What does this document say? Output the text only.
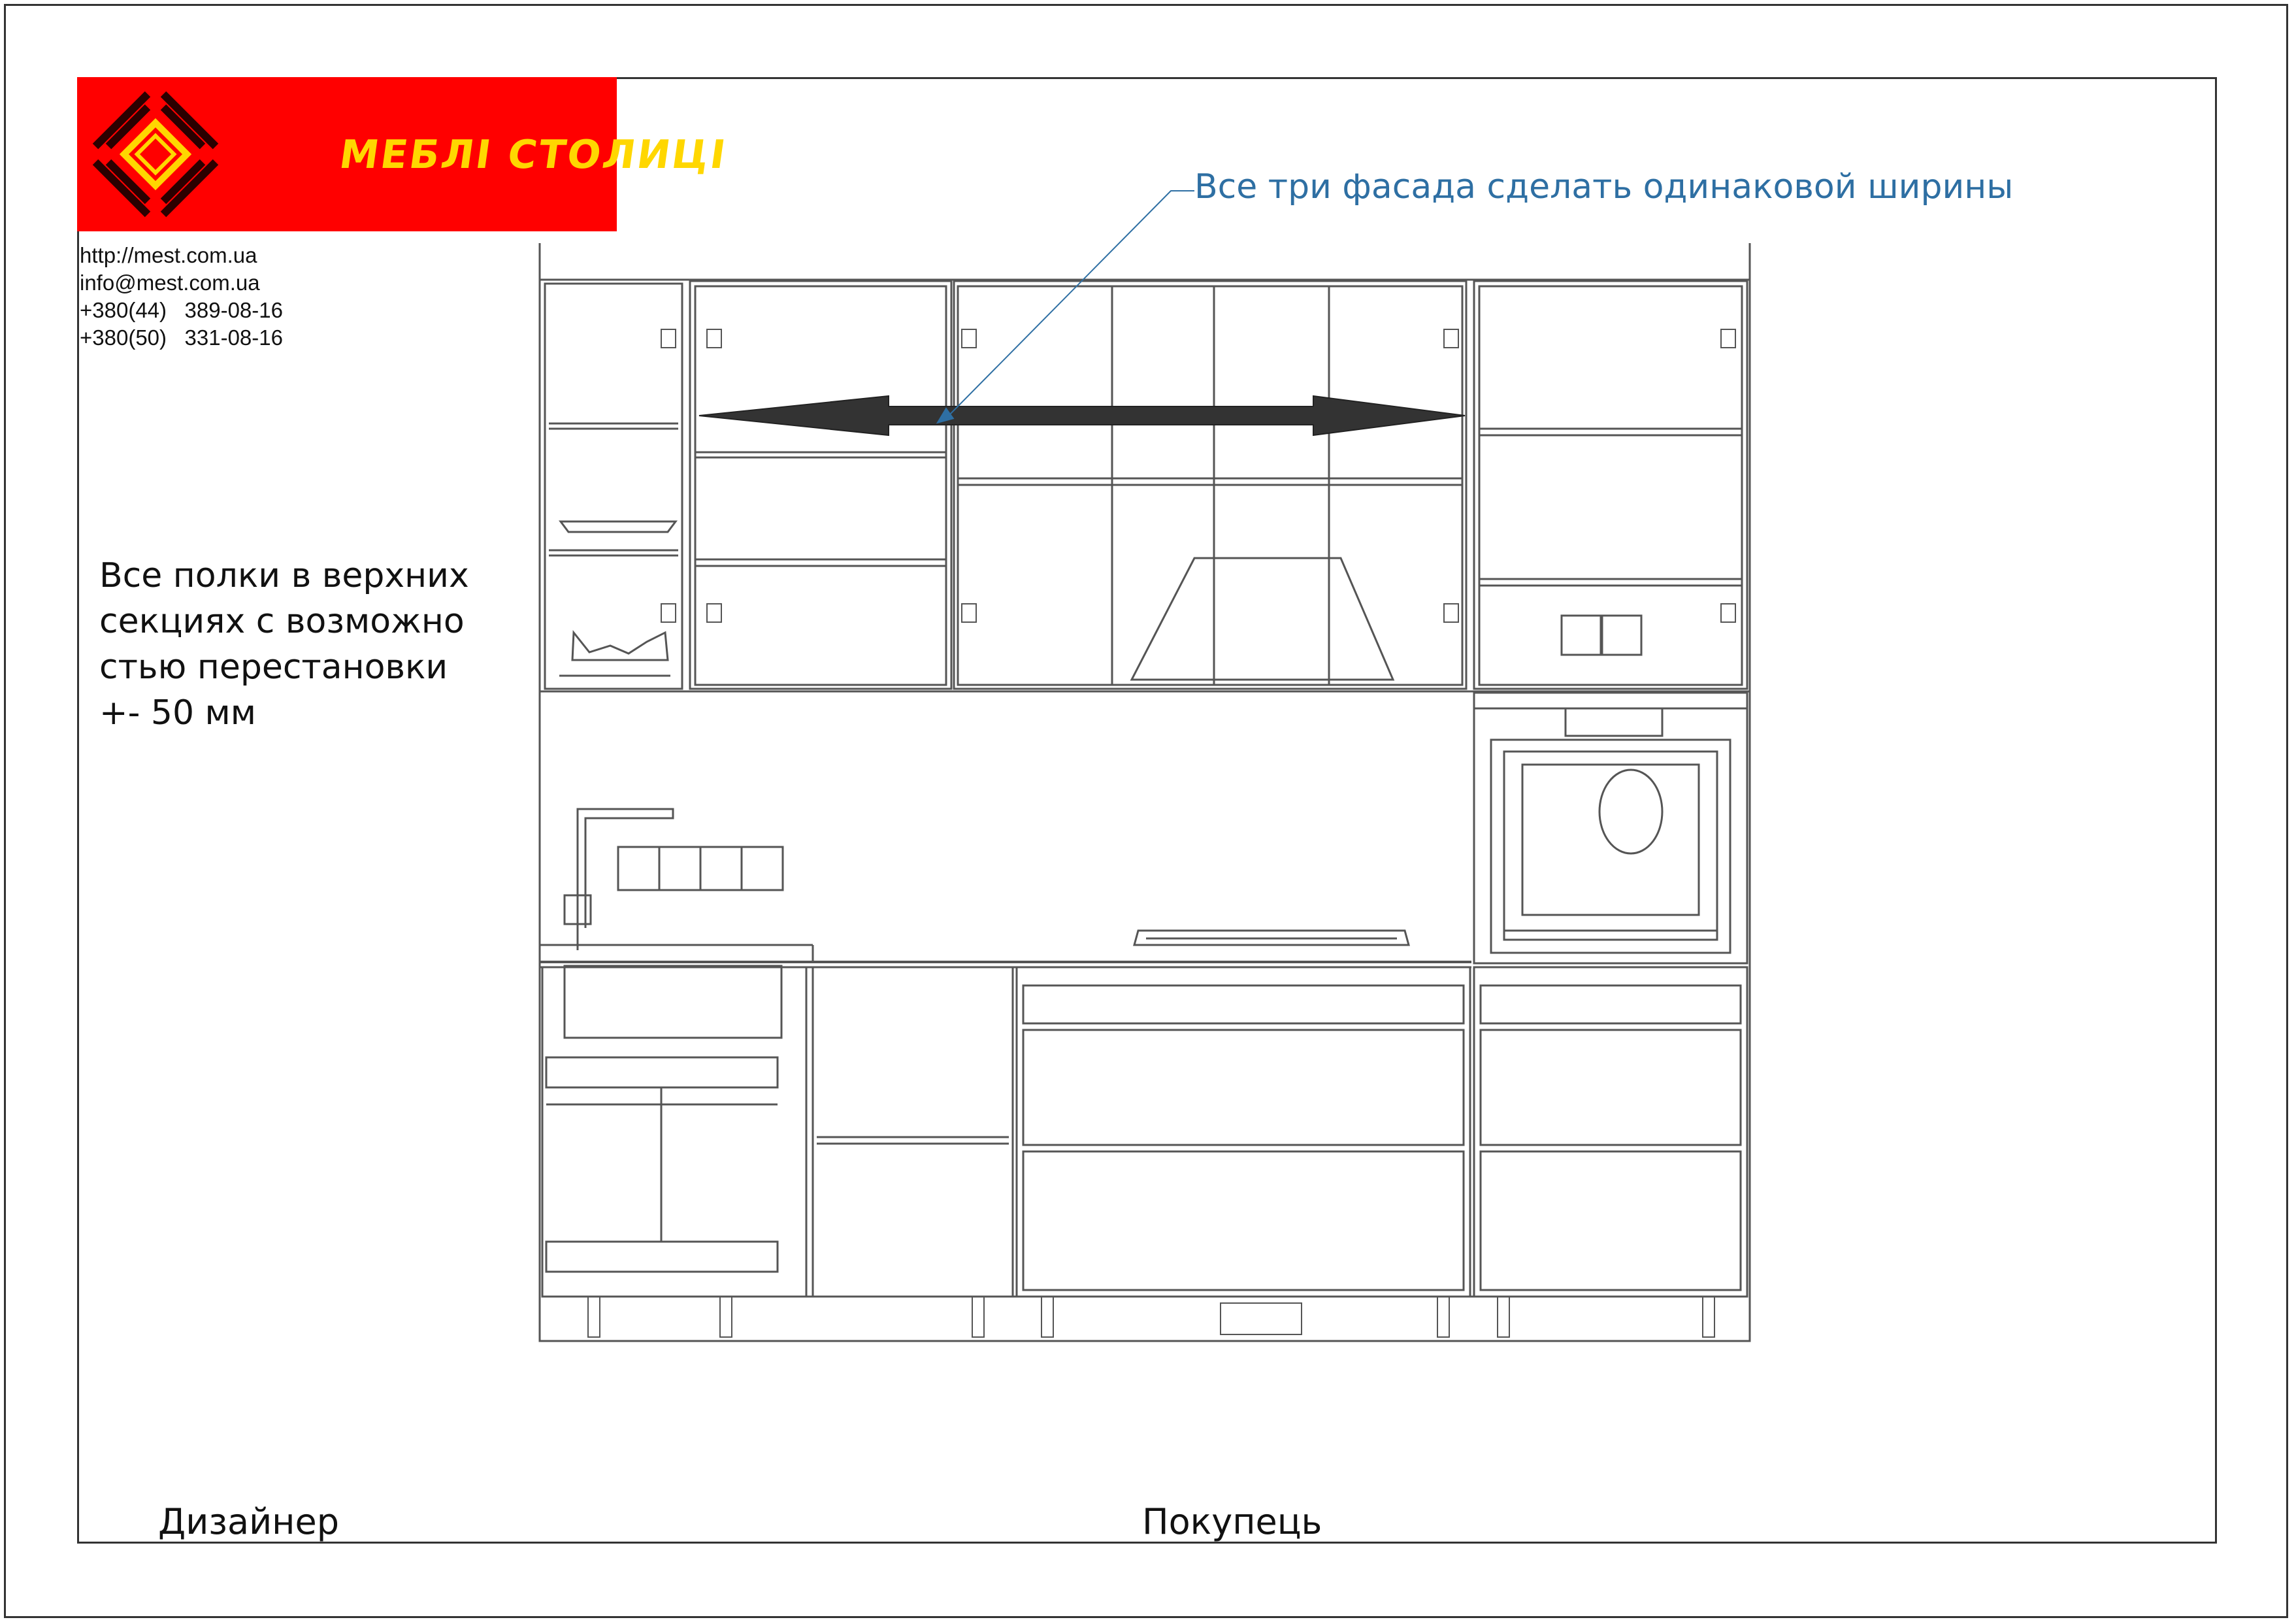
МЕБЛІ СТОЛИЦІ
http://mest.com.ua
info@mest.com.ua
+380(44)   389-08-16
+380(50)   331-08-16
Все три фасада сделать одинаковой ширины
Все полки в верхних
секциях с возможно
стью перестановки
+- 50 мм
Дизайнер	Покупець
